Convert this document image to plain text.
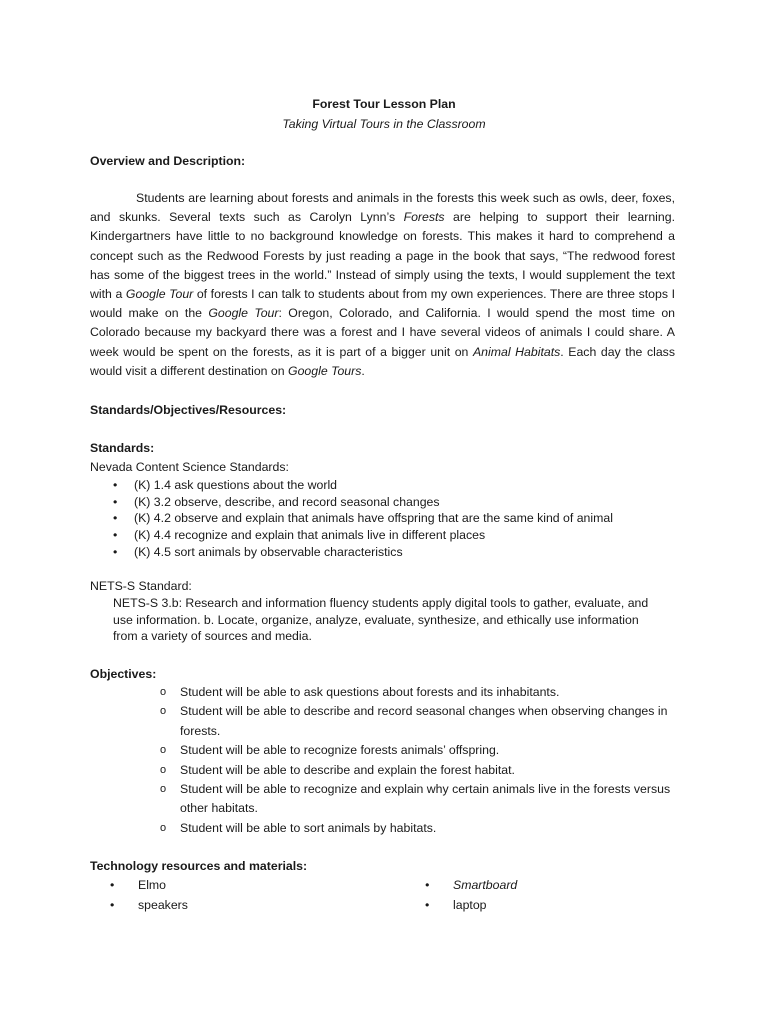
Forest Tour Lesson Plan
Taking Virtual Tours in the Classroom
Overview and Description:

Students are learning about forests and animals in the forests this week such as owls, deer, foxes, and skunks. Several texts such as Carolyn Lynn’s Forests are helping to support their learning. Kindergartners have little to no background knowledge on forests. This makes it hard to comprehend a concept such as the Redwood Forests by just reading a page in the book that says, “The redwood forest has some of the biggest trees in the world.” Instead of simply using the texts, I would supplement the text with a Google Tour of forests I can talk to students about from my own experiences. There are three stops I would make on the Google Tour: Oregon, Colorado, and California. I would spend the most time on Colorado because my backyard there was a forest and I have several videos of animals I could share. A week would be spent on the forests, as it is part of a bigger unit on Animal Habitats. Each day the class would visit a different destination on Google Tours.

Standards/Objectives/Resources:
Standards:
Nevada Content Science Standards:
• (K) 1.4 ask questions about the world
• (K) 3.2 observe, describe, and record seasonal changes
• (K) 4.2 observe and explain that animals have offspring that are the same kind of animal
• (K) 4.4 recognize and explain that animals live in different places
• (K) 4.5 sort animals by observable characteristics
NETS-S Standard:
NETS-S 3.b: Research and information fluency students apply digital tools to gather, evaluate, and use information. b. Locate, organize, analyze, evaluate, synthesize, and ethically use information from a variety of sources and media.
Objectives:
o Student will be able to ask questions about forests and its inhabitants.
o Student will be able to describe and record seasonal changes when observing changes in forests.
o Student will be able to recognize forests animals’ offspring.
o Student will be able to describe and explain the forest habitat.
o Student will be able to recognize and explain why certain animals live in the forests versus other habitats.
o Student will be able to sort animals by habitats.
Technology resources and materials:
• Elmo
• speakers
• Smartboard
• laptop
